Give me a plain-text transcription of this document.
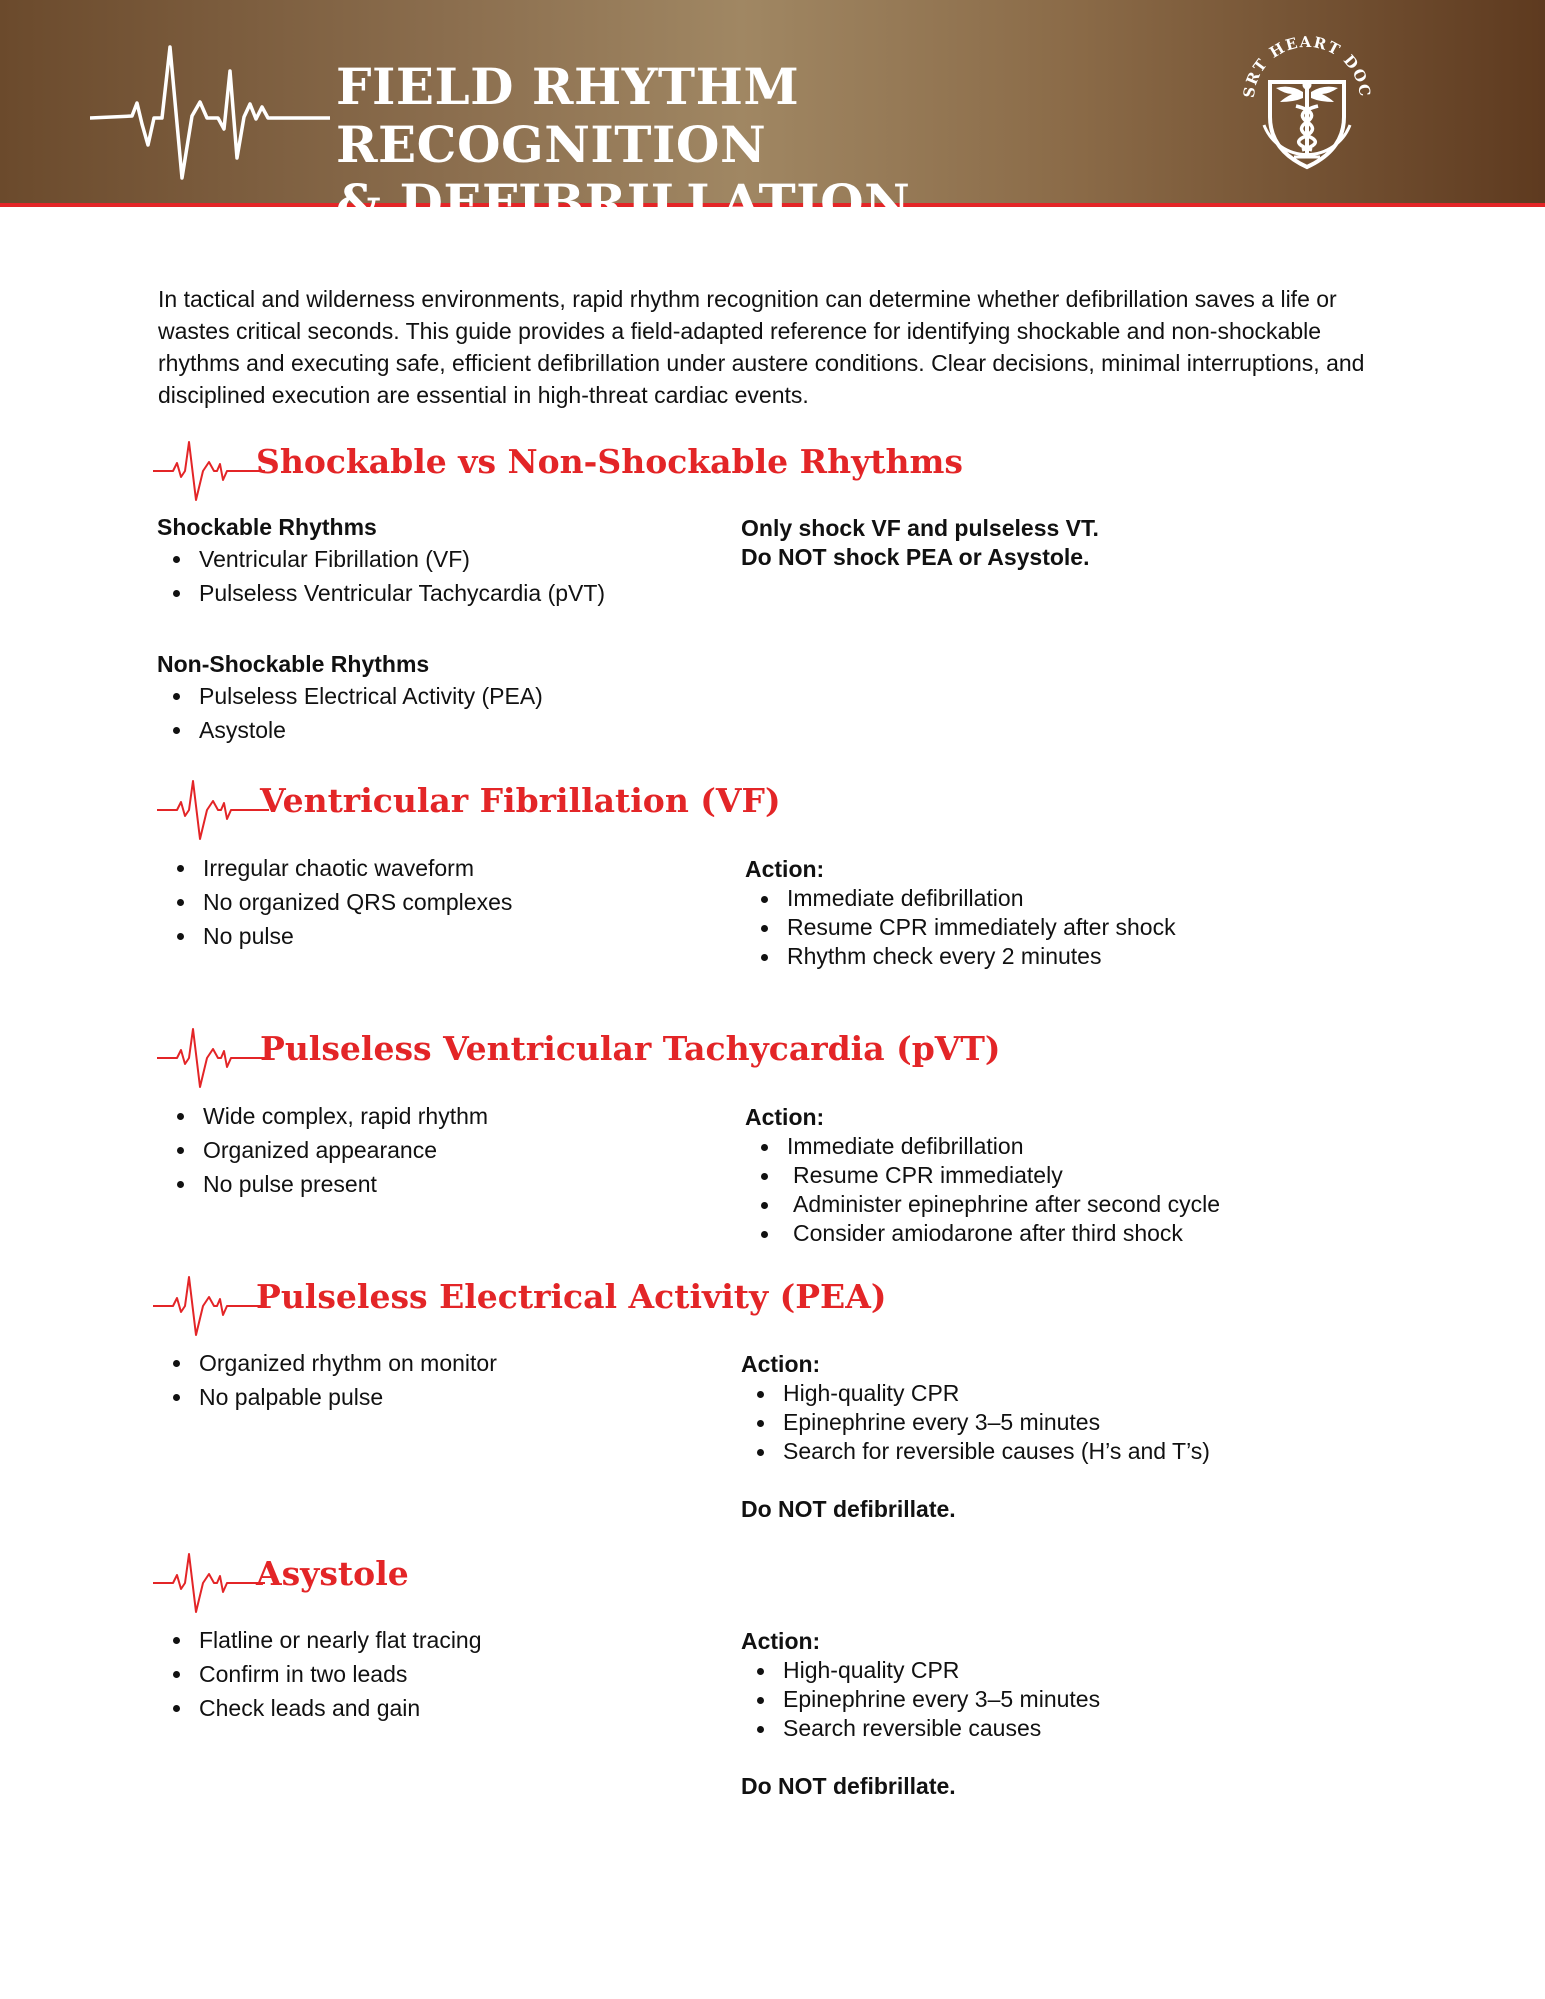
FIELD RHYTHM RECOGNITION
& DEFIBRILLATION
SRT HEART DOC
In tactical and wilderness environments, rapid rhythm recognition can determine whether defibrillation saves a life or wastes critical seconds. This guide provides a field-adapted reference for identifying shockable and non-shockable rhythms and executing safe, efficient defibrillation under austere conditions. Clear decisions, minimal interruptions, and disciplined execution are essential in high-threat cardiac events.
Shockable vs Non-Shockable Rhythms
Shockable Rhythms
Ventricular Fibrillation (VF)
Pulseless Ventricular Tachycardia (pVT)
Non-Shockable Rhythms
Pulseless Electrical Activity (PEA)
Asystole
Only shock VF and pulseless VT.
Do NOT shock PEA or Asystole.
Ventricular Fibrillation (VF)
Irregular chaotic waveform
No organized QRS complexes
No pulse
Action:
Immediate defibrillation
Resume CPR immediately after shock
Rhythm check every 2 minutes
Pulseless Ventricular Tachycardia (pVT)
Wide complex, rapid rhythm
Organized appearance
No pulse present
Action:
Immediate defibrillation
Resume CPR immediately
Administer epinephrine after second cycle
Consider amiodarone after third shock
Pulseless Electrical Activity (PEA)
Organized rhythm on monitor
No palpable pulse
Action:
High-quality CPR
Epinephrine every 3–5 minutes
Search for reversible causes (H’s and T’s)
Do NOT defibrillate.
Asystole
Flatline or nearly flat tracing
Confirm in two leads
Check leads and gain
Action:
High-quality CPR
Epinephrine every 3–5 minutes
Search reversible causes
Do NOT defibrillate.
